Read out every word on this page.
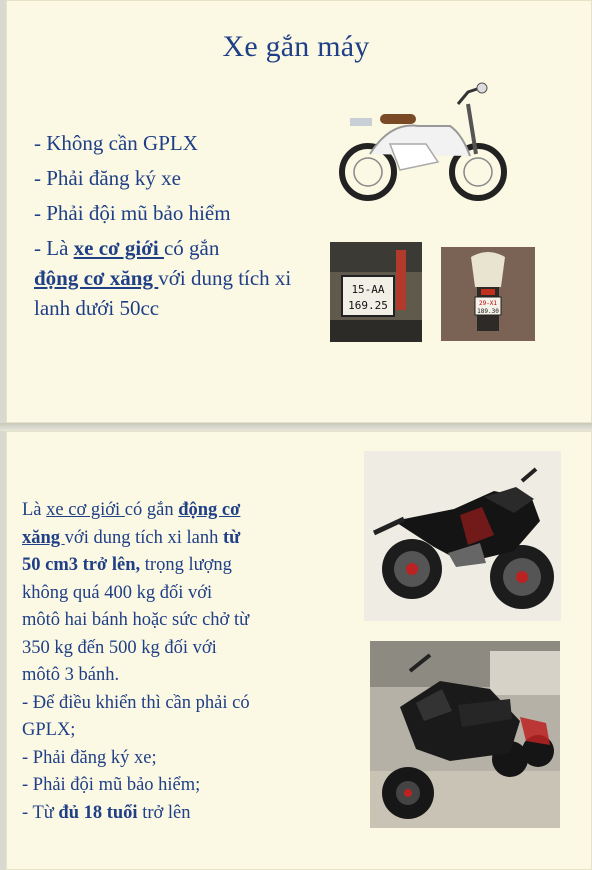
Xe gắn máy
- Không cần GPLX
- Phải đăng ký xe
- Phải đội mũ bảo hiểm
- Là xe cơ giới có gắn
động cơ xăng với dung tích xi lanh dưới 50cc
15-AA
169.25	29-X1
189.30
Là xe cơ giới có gắn động cơ
xăng với dung tích xi lanh từ
50 cm3 trở lên, trọng lượng
không quá 400 kg đối với
môtô hai bánh hoặc sức chở từ
350 kg đến 500 kg đối với
môtô 3 bánh.
- Để điều khiển thì cần phải có
GPLX;
- Phải đăng ký xe;
- Phải đội mũ bảo hiểm;
- Từ đủ 18 tuổi trở lên
